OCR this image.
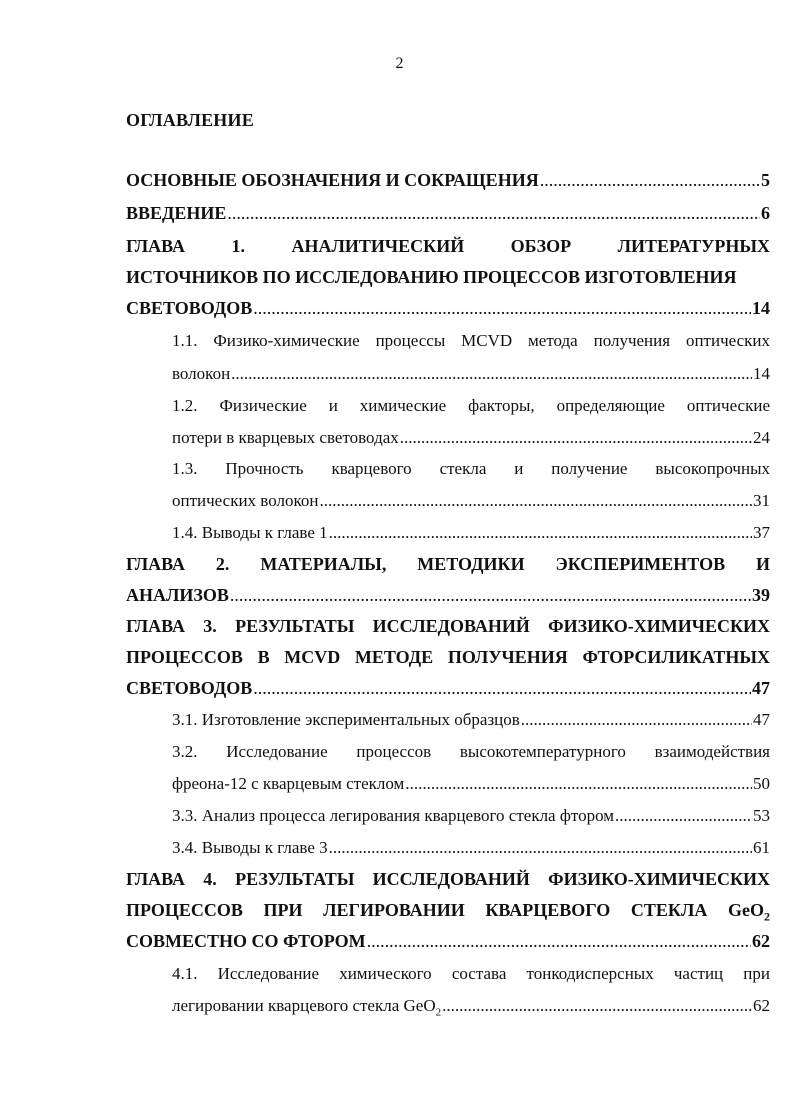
2
ОГЛАВЛЕНИЕ
ОСНОВНЫЕ ОБОЗНАЧЕНИЯ И СОКРАЩЕНИЯ .....	5
ВВЕДЕНИЕ .....	6
ГЛАВА 1. АНАЛИТИЧЕСКИЙ ОБЗОР ЛИТЕРАТУРНЫХ
ИСТОЧНИКОВ ПО ИССЛЕДОВАНИЮ ПРОЦЕССОВ ИЗГОТОВЛЕНИЯ
СВЕТОВОДОВ .....	14
1.1. Физико-химические процессы MCVD метода получения оптических
волокон .....	14
1.2. Физические и химические факторы, определяющие оптические
потери в кварцевых световодах .....	24
1.3. Прочность кварцевого стекла и получение высокопрочных
оптических волокон .....	31
1.4. Выводы к главе 1 .....	37
ГЛАВА 2. МАТЕРИАЛЫ, МЕТОДИКИ ЭКСПЕРИМЕНТОВ И
АНАЛИЗОВ .....	39
ГЛАВА 3. РЕЗУЛЬТАТЫ ИССЛЕДОВАНИЙ ФИЗИКО-ХИМИЧЕСКИХ
ПРОЦЕССОВ В MCVD МЕТОДЕ ПОЛУЧЕНИЯ ФТОРСИЛИКАТНЫХ
СВЕТОВОДОВ .....	47
3.1. Изготовление экспериментальных образцов .....	47
3.2. Исследование процессов высокотемпературного взаимодействия
фреона-12 с кварцевым стеклом .....	50
3.3. Анализ процесса легирования кварцевого стекла фтором .....	53
3.4. Выводы к главе 3 .....	61
ГЛАВА 4. РЕЗУЛЬТАТЫ ИССЛЕДОВАНИЙ ФИЗИКО-ХИМИЧЕСКИХ
ПРОЦЕССОВ ПРИ ЛЕГИРОВАНИИ КВАРЦЕВОГО СТЕКЛА GeO$_2$
СОВМЕСТНО СО ФТОРОМ .....	62
4.1. Исследование химического состава тонкодисперсных частиц при
легировании кварцевого стекла GeO$_2$ .....	62
